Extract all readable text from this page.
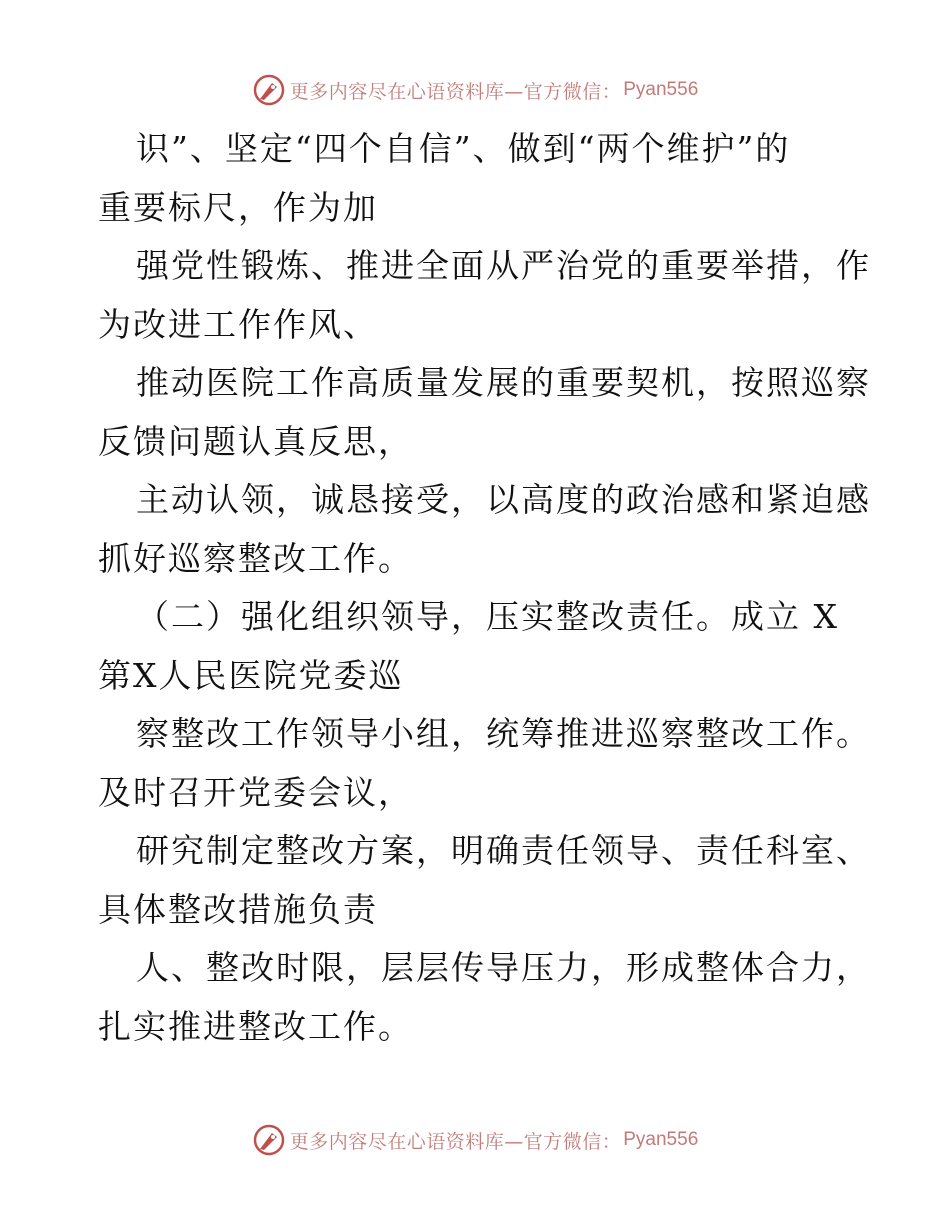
更多内容尽在心语资料库—官方微信： Pyan556

识”、坚定“四个自信”、做到“两个维护”的

重要标尺，作为加

强党性锻炼、推进全面从严治党的重要举措，作

为改进工作作风、

推动医院工作高质量发展的重要契机，按照巡察

反馈问题认真反思，

主动认领，诚恳接受，以高度的政治感和紧迫感

抓好巡察整改工作。

（二）强化组织领导，压实整改责任。成立 X

第X人民医院党委巡

察整改工作领导小组，统筹推进巡察整改工作。

及时召开党委会议，

研究制定整改方案，明确责任领导、责任科室、

具体整改措施负责

人、整改时限，层层传导压力，形成整体合力，

扎实推进整改工作。

更多内容尽在心语资料库—官方微信： Pyan556
